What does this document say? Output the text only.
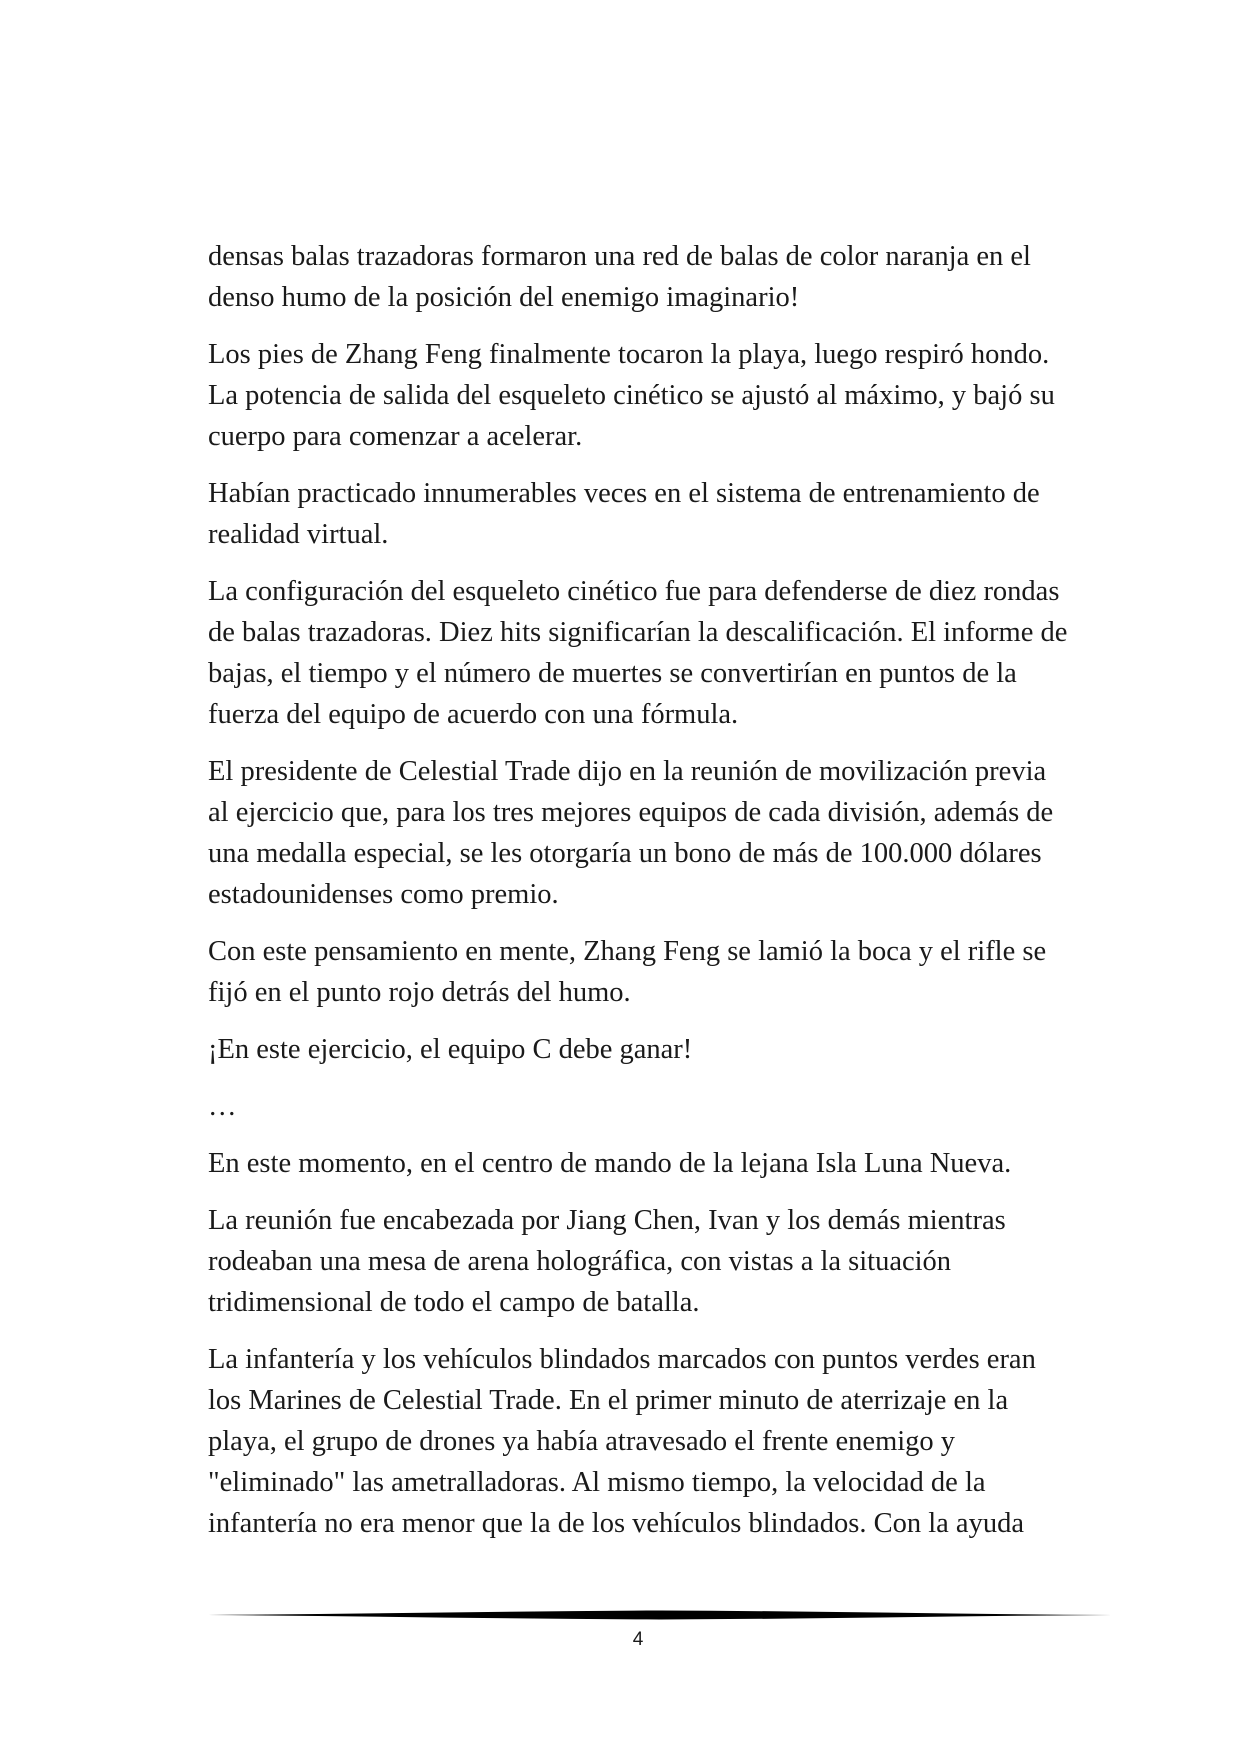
densas balas trazadoras formaron una red de balas de color naranja en el denso humo de la posición del enemigo imaginario!

Los pies de Zhang Feng finalmente tocaron la playa, luego respiró hondo. La potencia de salida del esqueleto cinético se ajustó al máximo, y bajó su cuerpo para comenzar a acelerar.

Habían practicado innumerables veces en el sistema de entrenamiento de realidad virtual.

La configuración del esqueleto cinético fue para defenderse de diez rondas de balas trazadoras. Diez hits significarían la descalificación. El informe de bajas, el tiempo y el número de muertes se convertirían en puntos de la fuerza del equipo de acuerdo con una fórmula.

El presidente de Celestial Trade dijo en la reunión de movilización previa al ejercicio que, para los tres mejores equipos de cada división, además de una medalla especial, se les otorgaría un bono de más de 100.000 dólares estadounidenses como premio.

Con este pensamiento en mente, Zhang Feng se lamió la boca y el rifle se fijó en el punto rojo detrás del humo.

¡En este ejercicio, el equipo C debe ganar!

…

En este momento, en el centro de mando de la lejana Isla Luna Nueva.

La reunión fue encabezada por Jiang Chen, Ivan y los demás mientras rodeaban una mesa de arena holográfica, con vistas a la situación tridimensional de todo el campo de batalla.

La infantería y los vehículos blindados marcados con puntos verdes eran los Marines de Celestial Trade. En el primer minuto de aterrizaje en la playa, el grupo de drones ya había atravesado el frente enemigo y "eliminado" las ametralladoras. Al mismo tiempo, la velocidad de la infantería no era menor que la de los vehículos blindados. Con la ayuda

4
